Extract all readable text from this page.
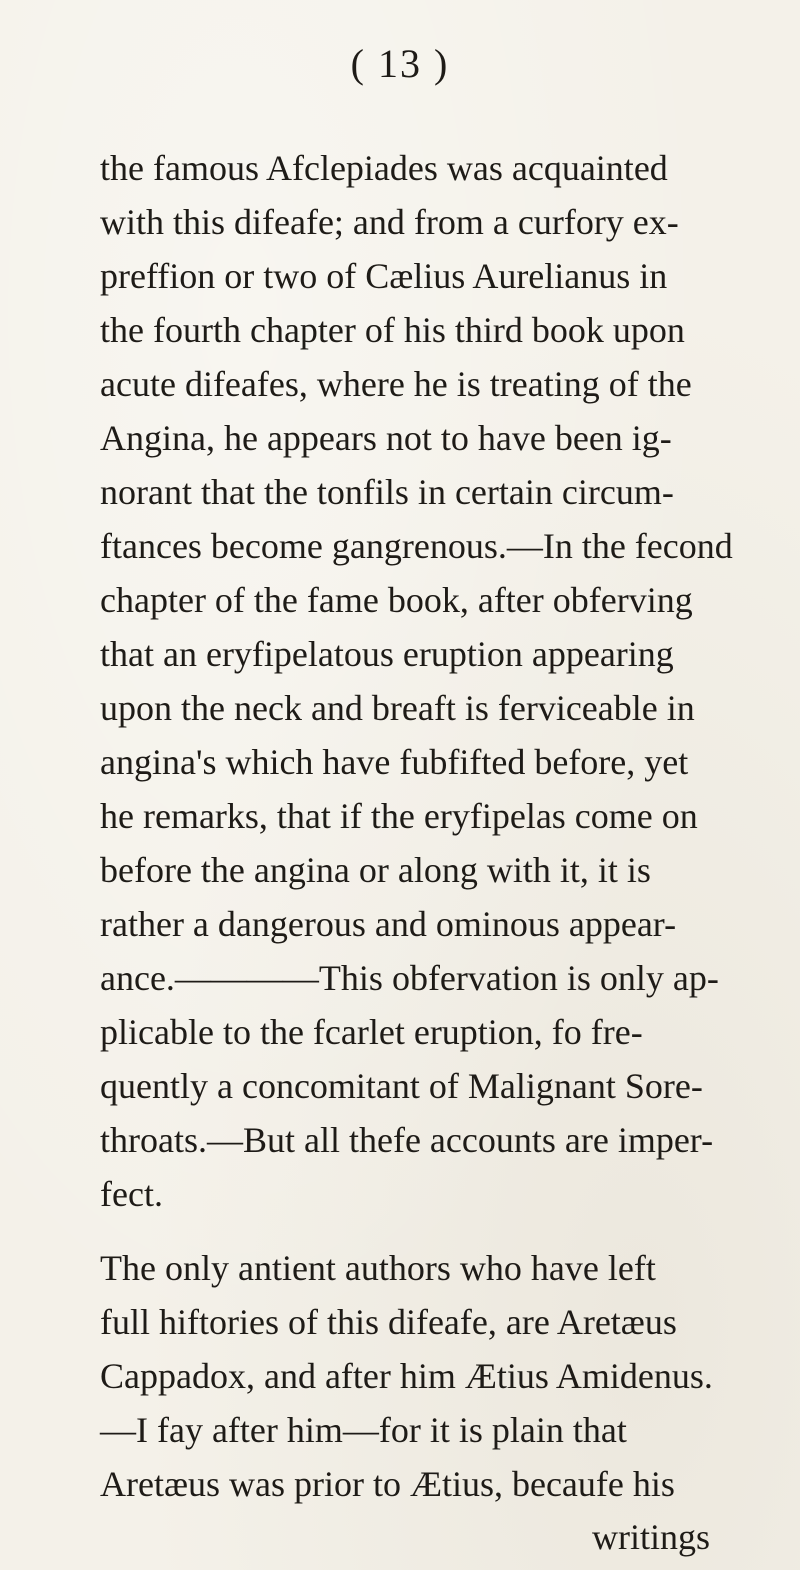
( 13 )
the famous Afclepiades was acquainted
with this difeafe; and from a curfory ex-
preffion or two of Cælius Aurelianus in
the fourth chapter of his third book upon
acute difeafes, where he is treating of the
Angina, he appears not to have been ig-
norant that the tonfils in certain circum-
ftances become gangrenous.—In the fecond
chapter of the fame book, after obferving
that an eryfipelatous eruption appearing
upon the neck and breaft is ferviceable in
angina's which have fubfifted before, yet
he remarks, that if the eryfipelas come on
before the angina or along with it, it is
rather a dangerous and ominous appear-
ance.————This obfervation is only ap-
plicable to the fcarlet eruption, fo fre-
quently a concomitant of Malignant Sore-
throats.—But all thefe accounts are imper-
fect.
The only antient authors who have left
full hiftories of this difeafe, are Aretæus
Cappadox, and after him Ætius Amidenus.
—I fay after him—for it is plain that
Aretæus was prior to Ætius, becaufe his
writings
